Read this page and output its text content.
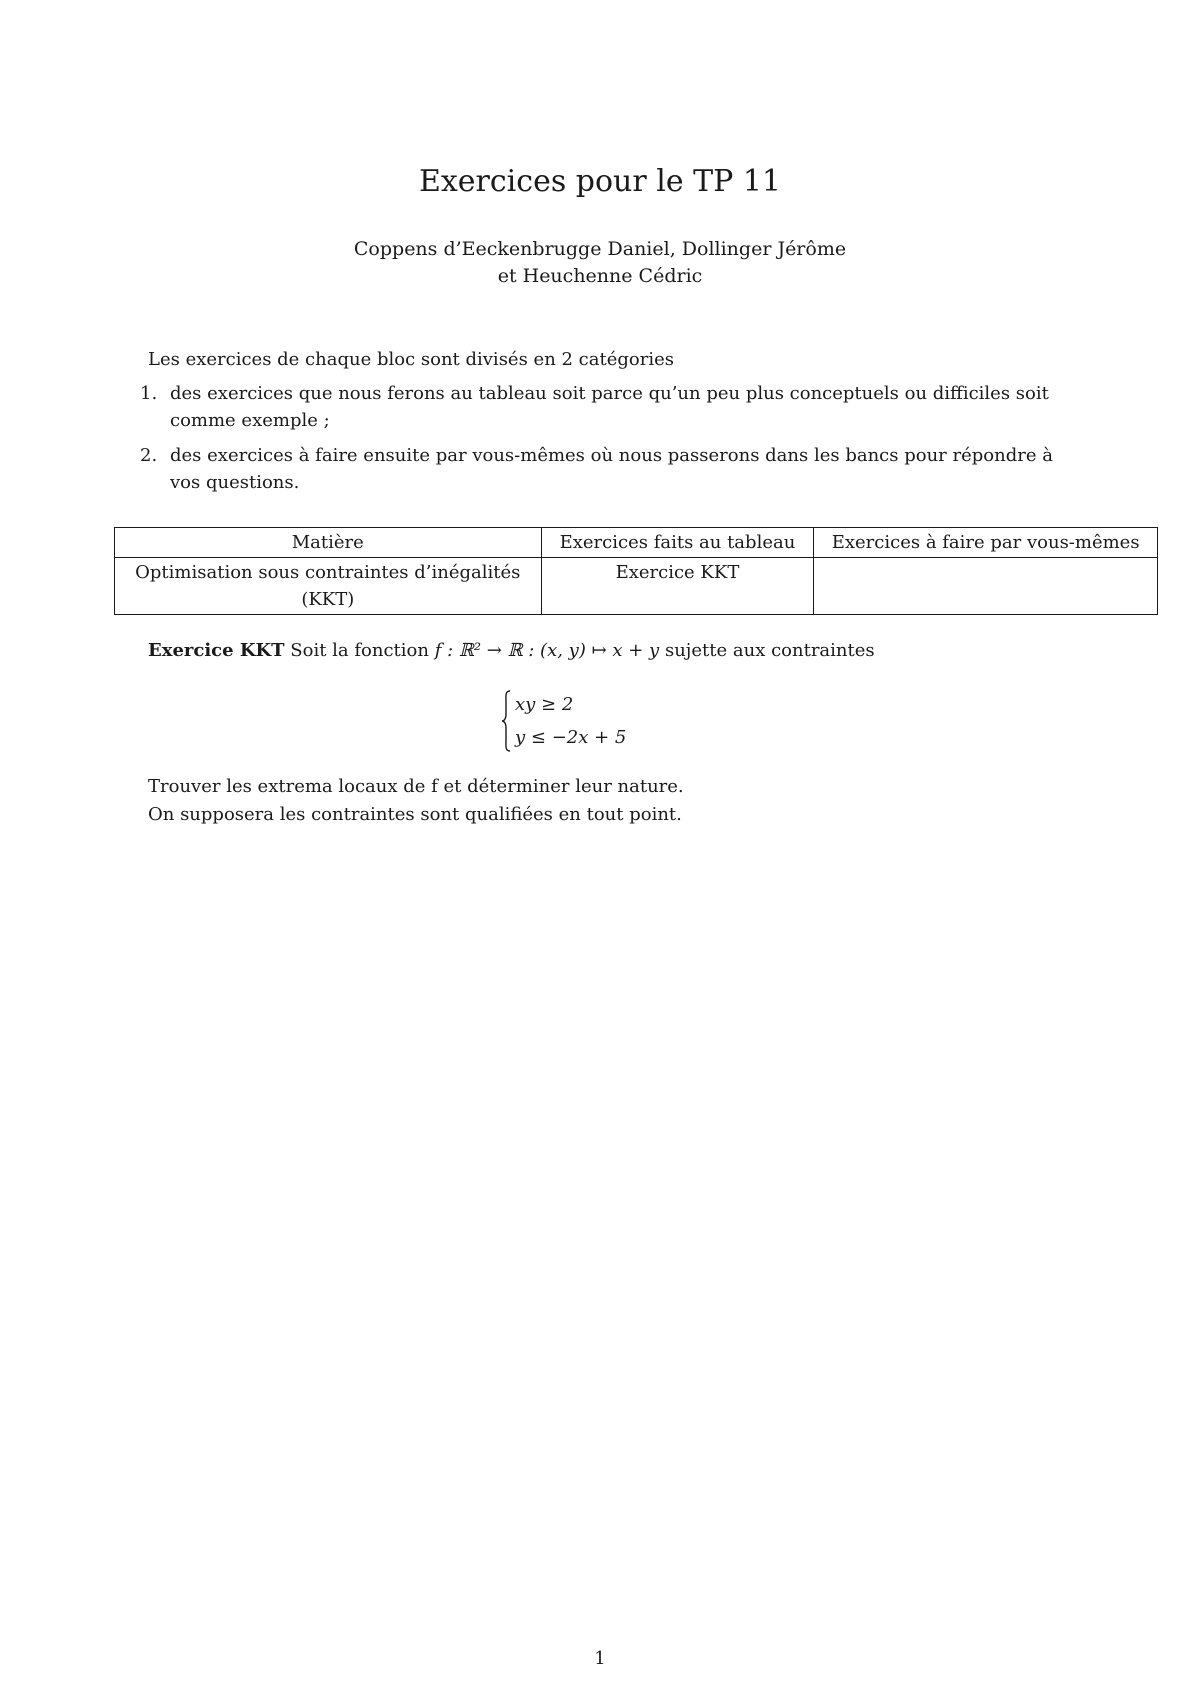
Exercices pour le TP 11
Coppens d’Eeckenbrugge Daniel, Dollinger Jérôme
et Heuchenne Cédric
Les exercices de chaque bloc sont divisés en 2 catégories
1. des exercices que nous ferons au tableau soit parce qu’un peu plus conceptuels ou difficiles soit
comme exemple ;
2. des exercices à faire ensuite par vous-mêmes où nous passerons dans les bancs pour répondre à
vos questions.
Matière	Exercices faits au tableau	Exercices à faire par vous-mêmes

Optimisation sous contraintes d’inégalités
(KKT)	Exercice KKT	
Exercice KKT Soit la fonction f : ℝ² → ℝ : (x, y) ↦ x + y sujette aux contraintes
xy ≥ 2
y ≤ −2x + 5
Trouver les extrema locaux de f et déterminer leur nature.
On supposera les contraintes sont qualifiées en tout point.
1
